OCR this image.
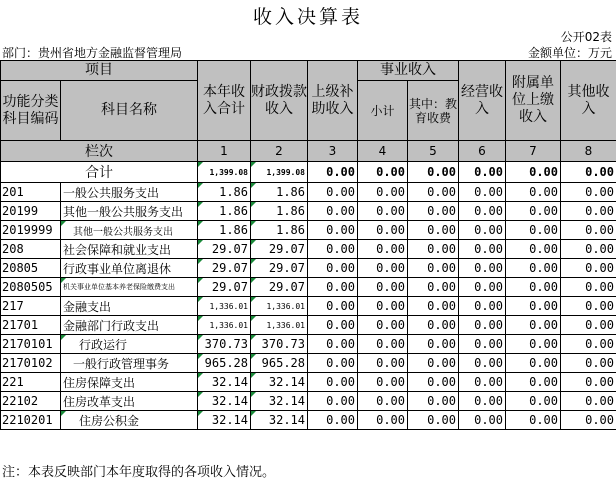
收入决算表
公开02表
部门：贵州省地方金融监督管理局	金额单位：万元
项目		本年收入合计	财政拨款收入	上级补助收入	事业收入		经营收入	附属单位上缴收入	其他收入
功能分类科目编码	科目名称				小计	其中：教育收费			

栏次		1	2	3	4	5	6	7	8
合计		1,399.08	1,399.08	0.00	0.00	0.00	0.00	0.00	0.00
201	一般公共服务支出	1.86	1.86	0.00	0.00	0.00	0.00	0.00	0.00
20199	其他一般公共服务支出	1.86	1.86	0.00	0.00	0.00	0.00	0.00	0.00
2019999	其他一般公共服务支出	1.86	1.86	0.00	0.00	0.00	0.00	0.00	0.00
208	社会保障和就业支出	29.07	29.07	0.00	0.00	0.00	0.00	0.00	0.00
20805	行政事业单位离退休	29.07	29.07	0.00	0.00	0.00	0.00	0.00	0.00
2080505	机关事业单位基本养老保险缴费支出	29.07	29.07	0.00	0.00	0.00	0.00	0.00	0.00
217	金融支出	1,336.01	1,336.01	0.00	0.00	0.00	0.00	0.00	0.00
21701	金融部门行政支出	1,336.01	1,336.01	0.00	0.00	0.00	0.00	0.00	0.00
2170101	行政运行	370.73	370.73	0.00	0.00	0.00	0.00	0.00	0.00
2170102	一般行政管理事务	965.28	965.28	0.00	0.00	0.00	0.00	0.00	0.00
221	住房保障支出	32.14	32.14	0.00	0.00	0.00	0.00	0.00	0.00
22102	住房改革支出	32.14	32.14	0.00	0.00	0.00	0.00	0.00	0.00
2210201	住房公积金	32.14	32.14	0.00	0.00	0.00	0.00	0.00	0.00
注：本表反映部门本年度取得的各项收入情况。
